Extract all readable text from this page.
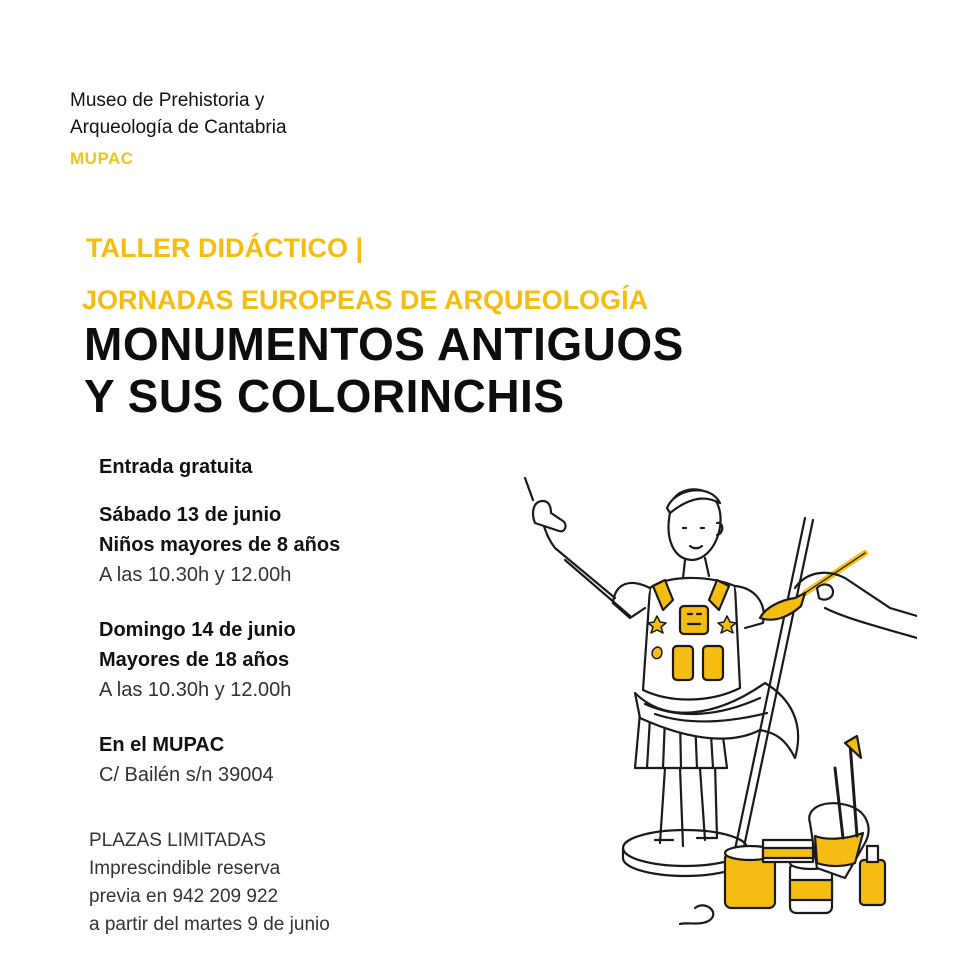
Museo de Prehistoria y
Arqueología de Cantabria
MUPAC
TALLER DIDÁCTICO |
JORNADAS EUROPEAS DE ARQUEOLOGÍA
MONUMENTOS ANTIGUOS
Y SUS COLORINCHIS
Entrada gratuita
Sábado 13 de junio
Niños mayores de 8 años
A las 10.30h y 12.00h
Domingo 14 de junio
Mayores de 18 años
A las 10.30h y 12.00h
En el MUPAC
C/ Bailén s/n 39004
PLAZAS LIMITADAS
Imprescindible reserva
previa en 942 209 922
a partir del martes 9 de junio
